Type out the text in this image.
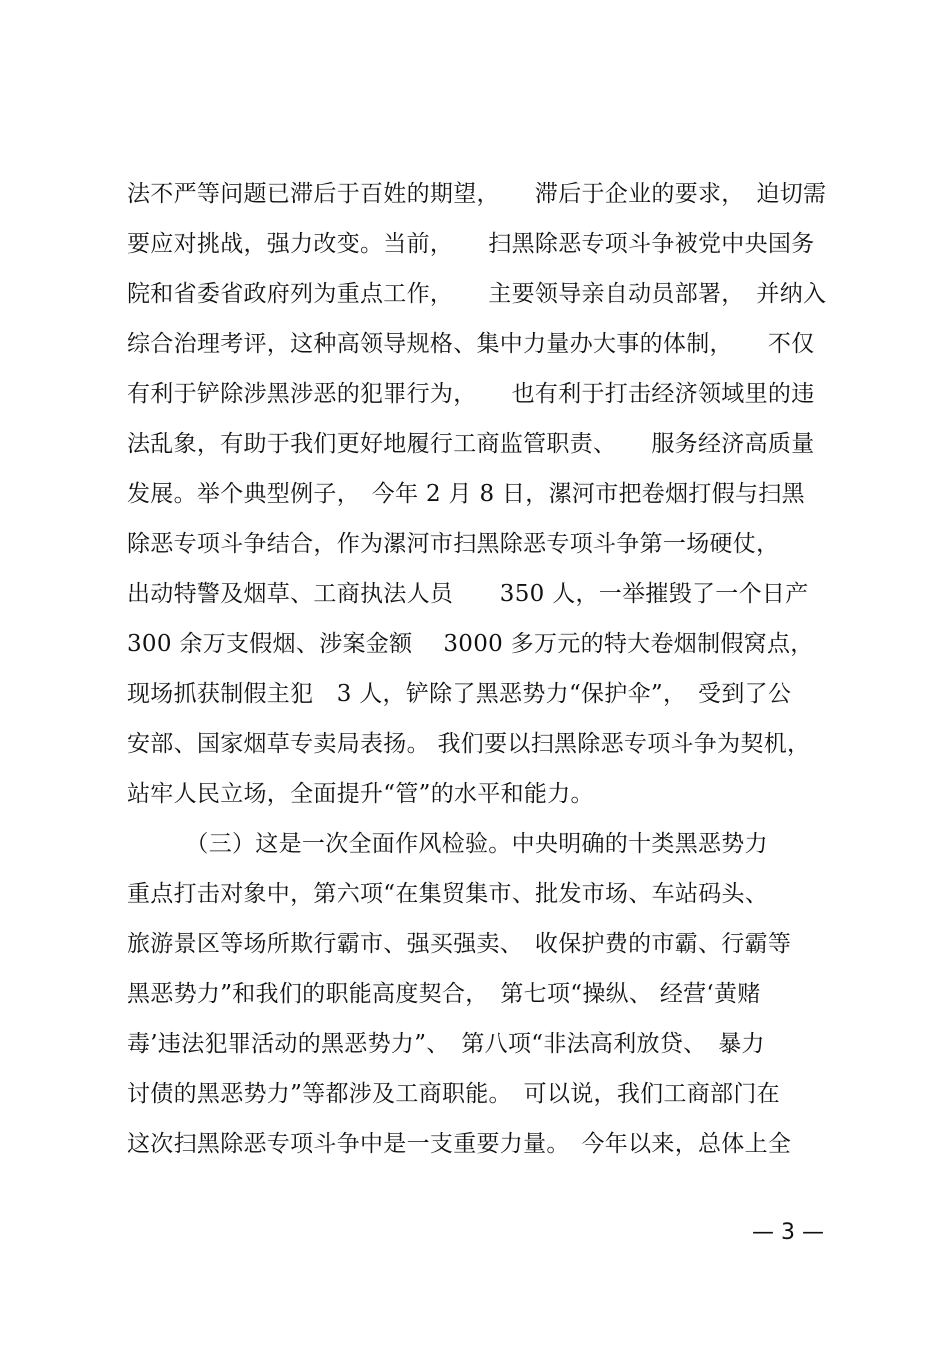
法不严等问题已滞后于百姓的期望，　　滞后于企业的要求，　迫切需
要应对挑战，强力改变。当前，　　扫黑除恶专项斗争被党中央国务
院和省委省政府列为重点工作，　　主要领导亲自动员部署，　并纳入
综合治理考评，这种高领导规格、集中力量办大事的体制，　　不仅
有利于铲除涉黑涉恶的犯罪行为，　　也有利于打击经济领域里的违
法乱象，有助于我们更好地履行工商监管职责、　　服务经济高质量
发展。举个典型例子，　今年 2 月 8 日，漯河市把卷烟打假与扫黑
除恶专项斗争结合，作为漯河市扫黑除恶专项斗争第一场硬仗，
出动特警及烟草、工商执法人员　　350 人，一举摧毁了一个日产
300 余万支假烟、涉案金额　 3000 多万元的特大卷烟制假窝点，
现场抓获制假主犯　3 人，铲除了黑恶势力“保护伞”，　受到了公
安部、国家烟草专卖局表扬。 我们要以扫黑除恶专项斗争为契机，
站牢人民立场，全面提升“管”的水平和能力。
　　　（三）这是一次全面作风检验。中央明确的十类黑恶势力
重点打击对象中，第六项“在集贸集市、批发市场、车站码头、
旅游景区等场所欺行霸市、强买强卖、　收保护费的市霸、行霸等
黑恶势力”和我们的职能高度契合，　第七项“操纵、 经营‘黄赌
毒’违法犯罪活动的黑恶势力”、　第八项“非法高利放贷、　暴力
讨债的黑恶势力”等都涉及工商职能。　可以说，我们工商部门在
这次扫黑除恶专项斗争中是一支重要力量。　今年以来，总体上全
— 3 —
